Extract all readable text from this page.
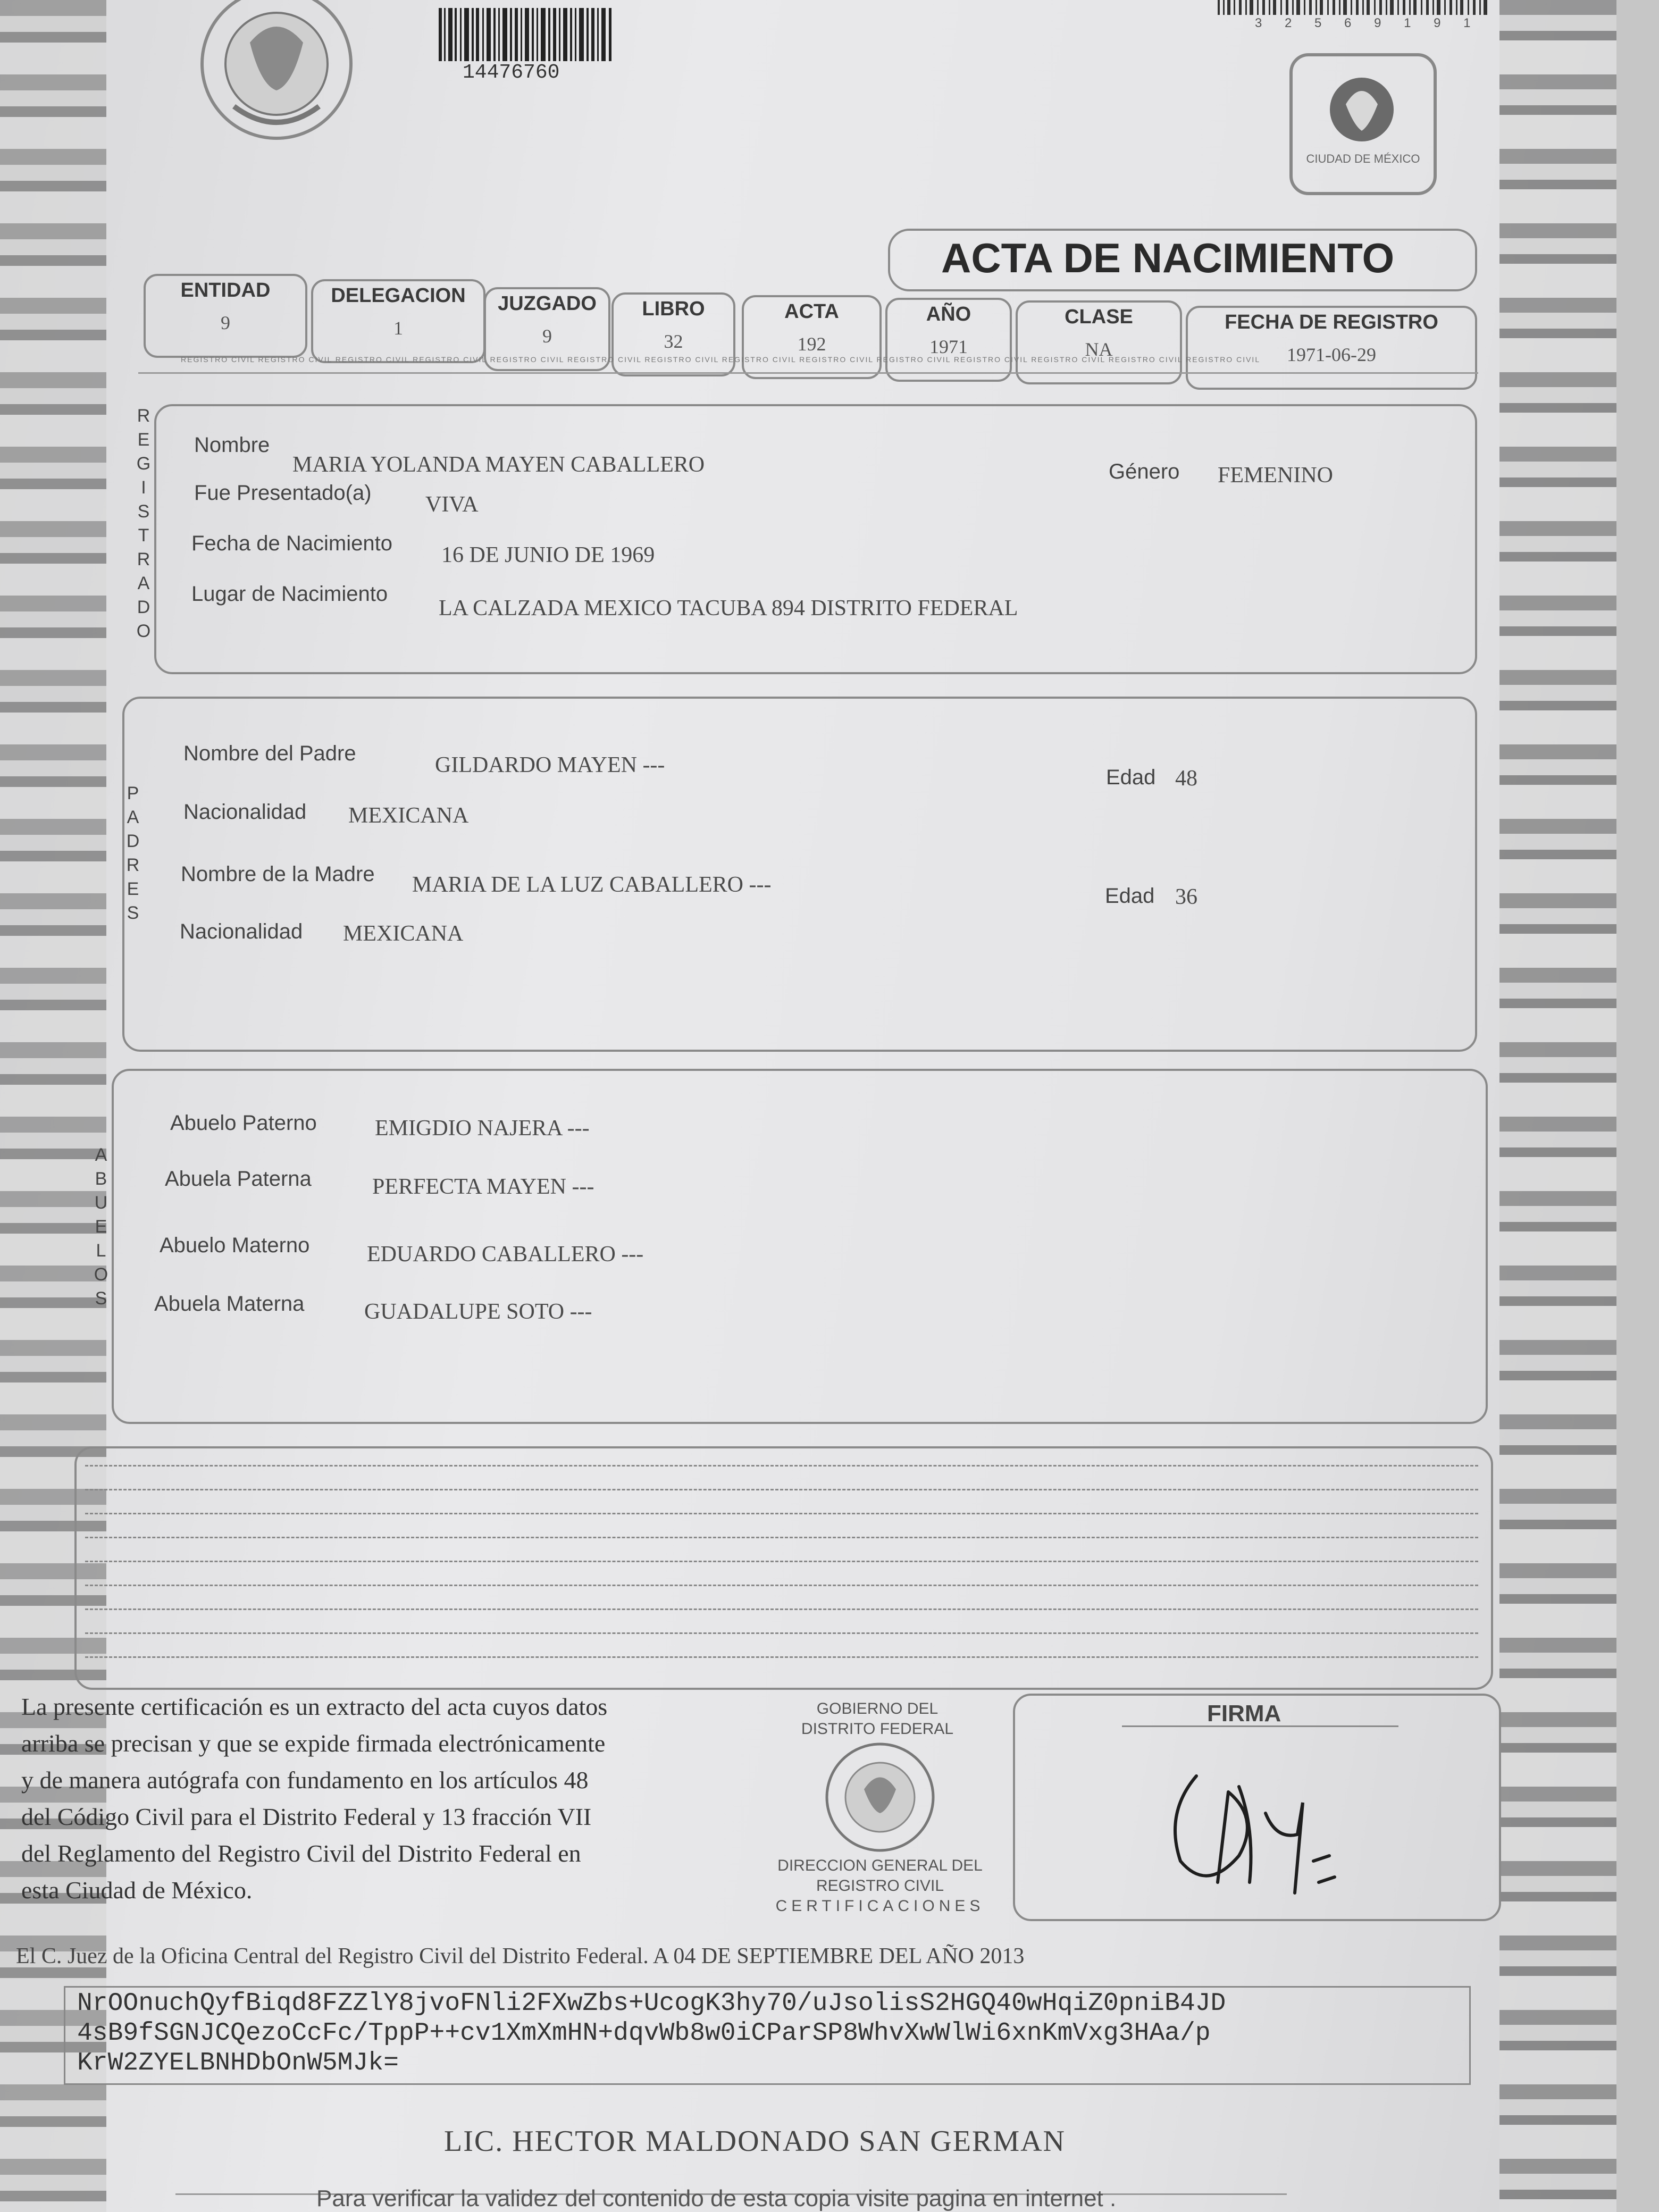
14476760
3 2 5 6 9 1 9 1
CIUDAD DE MÉXICO
ACTA DE NACIMIENTO
ENTIDAD
9
DELEGACION
1
JUZGADO
9
LIBRO
32
ACTA
192
AÑO
1971
CLASE
NA
FECHA DE REGISTRO
1971-06-29
REGISTRO CIVIL REGISTRO CIVIL REGISTRO CIVIL REGISTRO CIVIL REGISTRO CIVIL REGISTRO CIVIL REGISTRO CIVIL REGISTRO CIVIL REGISTRO CIVIL REGISTRO CIVIL REGISTRO CIVIL REGISTRO CIVIL REGISTRO CIVIL REGISTRO CIVIL
R
E
G
I
S
T
R
A
D
O
Nombre
MARIA YOLANDA MAYEN CABALLERO	Género FEMENINO
Fue Presentado(a) VIVA
Fecha de Nacimiento 16 DE JUNIO DE 1969
Lugar de Nacimiento
LA CALZADA MEXICO TACUBA 894 DISTRITO FEDERAL
P
A
D
R
E
S
Nombre del Padre	GILDARDO MAYEN ---	Edad 48
Nacionalidad MEXICANA
Nombre de la Madre MARIA DE LA LUZ CABALLERO ---	Edad 36
Nacionalidad MEXICANA
A
B
U
E
L
O
S
Abuelo Paterno	EMIGDIO NAJERA ---
Abuela Paterna	PERFECTA MAYEN ---
Abuelo Materno	EDUARDO CABALLERO ---
Abuela Materna	GUADALUPE SOTO ---
La presente certificación es un extracto del acta cuyos datos
arriba se precisan y que se expide firmada electrónicamente
y de manera autógrafa con fundamento en los artículos 48
del Código Civil para el Distrito Federal y 13 fracción VII
del Reglamento del Registro Civil del Distrito Federal en
esta Ciudad de México.
GOBIERNO DEL
DISTRITO FEDERAL
DIRECCION GENERAL DEL
REGISTRO CIVIL
CERTIFICACIONES
FIRMA
El C. Juez de la Oficina Central del Registro Civil del Distrito Federal. A 04 DE SEPTIEMBRE DEL AÑO 2013
NrOOnuchQyfBiqd8FZZlY8jvoFNli2FXwZbs+UcogK3hy70/uJsolisS2HGQ40wHqiZ0pniB4JD
4sB9fSGNJCQezoCcFc/TppP++cv1XmXmHN+dqvWb8w0iCParSP8WhvXwWlWi6xnKmVxg3HAa/p
KrW2ZYELBNHDbOnW5MJk=
LIC. HECTOR MALDONADO SAN GERMAN
Para verificar la validez del contenido de esta copia visite pagina en internet .
